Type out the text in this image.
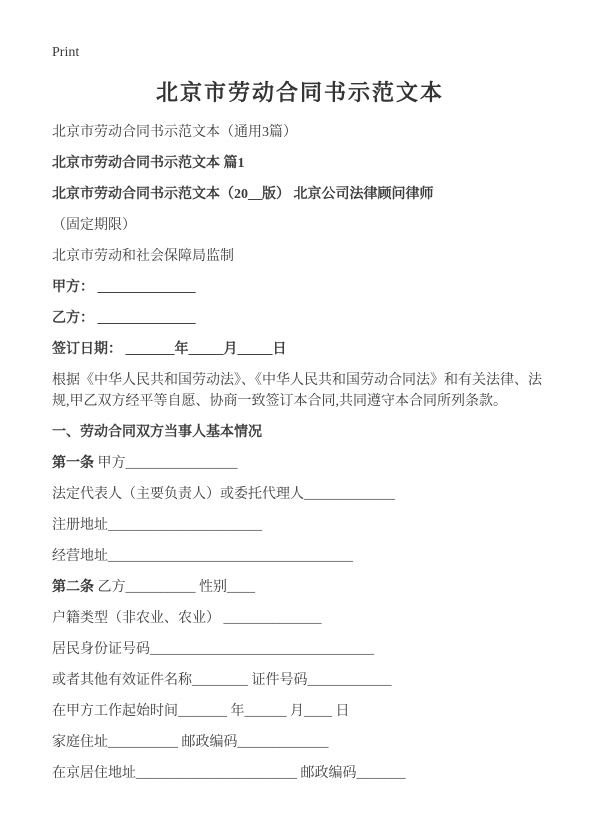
Print
北京市劳动合同书示范文本

北京市劳动合同书示范文本（通用3篇）

北京市劳动合同书示范文本 篇1

北京市劳动合同书示范文本（20__版） 北京公司法律顾问律师

（固定期限）

北京市劳动和社会保障局监制

甲方： ______________

乙方： ______________

签订日期： _______年_____月_____日

根据《中华人民共和国劳动法》、《中华人民共和国劳动合同法》和有关法律、法规,甲乙双方经平等自愿、协商一致签订本合同,共同遵守本合同所列条款。

一、劳动合同双方当事人基本情况

第一条 甲方________________

法定代表人（主要负责人）或委托代理人_____________

注册地址______________________

经营地址___________________________________

第二条 乙方__________ 性别____

户籍类型（非农业、农业） ______________

居民身份证号码________________________________

或者其他有效证件名称________ 证件号码____________

在甲方工作起始时间_______ 年______ 月____ 日

家庭住址__________ 邮政编码_____________

在京居住地址_______________________ 邮政编码_______
